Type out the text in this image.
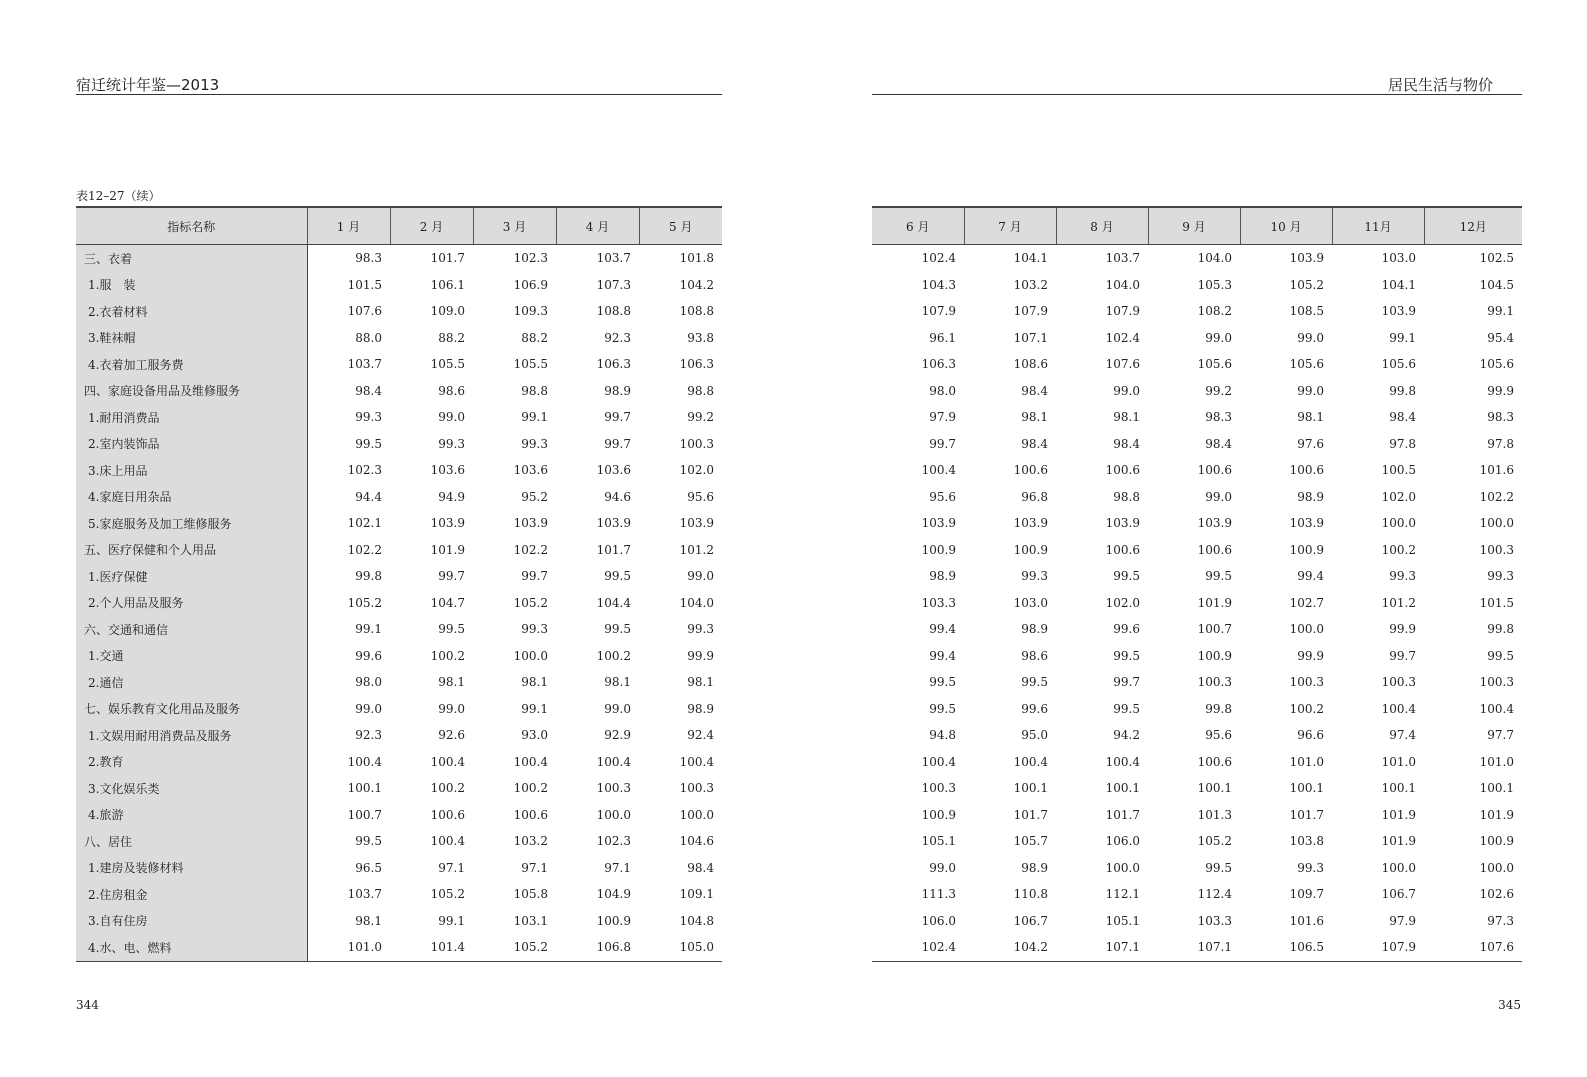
宿迁统计年鉴—2013	居民生活与物价
表12–27（续）
指标名称	1 月	2 月	3 月	4 月	5 月
三、衣着	98.3	101.7	102.3	103.7	101.8
1.服　装	101.5	106.1	106.9	107.3	104.2
2.衣着材料	107.6	109.0	109.3	108.8	108.8
3.鞋袜帽	88.0	88.2	88.2	92.3	93.8
4.衣着加工服务费	103.7	105.5	105.5	106.3	106.3
四、家庭设备用品及维修服务	98.4	98.6	98.8	98.9	98.8
1.耐用消费品	99.3	99.0	99.1	99.7	99.2
2.室内装饰品	99.5	99.3	99.3	99.7	100.3
3.床上用品	102.3	103.6	103.6	103.6	102.0
4.家庭日用杂品	94.4	94.9	95.2	94.6	95.6
5.家庭服务及加工维修服务	102.1	103.9	103.9	103.9	103.9
五、医疗保健和个人用品	102.2	101.9	102.2	101.7	101.2
1.医疗保健	99.8	99.7	99.7	99.5	99.0
2.个人用品及服务	105.2	104.7	105.2	104.4	104.0
六、交通和通信	99.1	99.5	99.3	99.5	99.3
1.交通	99.6	100.2	100.0	100.2	99.9
2.通信	98.0	98.1	98.1	98.1	98.1
七、娱乐教育文化用品及服务	99.0	99.0	99.1	99.0	98.9
1.文娱用耐用消费品及服务	92.3	92.6	93.0	92.9	92.4
2.教育	100.4	100.4	100.4	100.4	100.4
3.文化娱乐类	100.1	100.2	100.2	100.3	100.3
4.旅游	100.7	100.6	100.6	100.0	100.0
八、居住	99.5	100.4	103.2	102.3	104.6
1.建房及装修材料	96.5	97.1	97.1	97.1	98.4
2.住房租金	103.7	105.2	105.8	104.9	109.1
3.自有住房	98.1	99.1	103.1	100.9	104.8
4.水、电、燃料	101.0	101.4	105.2	106.8	105.0
6 月	7 月	8 月	9 月	10 月	11月	12月
102.4	104.1	103.7	104.0	103.9	103.0	102.5
104.3	103.2	104.0	105.3	105.2	104.1	104.5
107.9	107.9	107.9	108.2	108.5	103.9	99.1
96.1	107.1	102.4	99.0	99.0	99.1	95.4
106.3	108.6	107.6	105.6	105.6	105.6	105.6
98.0	98.4	99.0	99.2	99.0	99.8	99.9
97.9	98.1	98.1	98.3	98.1	98.4	98.3
99.7	98.4	98.4	98.4	97.6	97.8	97.8
100.4	100.6	100.6	100.6	100.6	100.5	101.6
95.6	96.8	98.8	99.0	98.9	102.0	102.2
103.9	103.9	103.9	103.9	103.9	100.0	100.0
100.9	100.9	100.6	100.6	100.9	100.2	100.3
98.9	99.3	99.5	99.5	99.4	99.3	99.3
103.3	103.0	102.0	101.9	102.7	101.2	101.5
99.4	98.9	99.6	100.7	100.0	99.9	99.8
99.4	98.6	99.5	100.9	99.9	99.7	99.5
99.5	99.5	99.7	100.3	100.3	100.3	100.3
99.5	99.6	99.5	99.8	100.2	100.4	100.4
94.8	95.0	94.2	95.6	96.6	97.4	97.7
100.4	100.4	100.4	100.6	101.0	101.0	101.0
100.3	100.1	100.1	100.1	100.1	100.1	100.1
100.9	101.7	101.7	101.3	101.7	101.9	101.9
105.1	105.7	106.0	105.2	103.8	101.9	100.9
99.0	98.9	100.0	99.5	99.3	100.0	100.0
111.3	110.8	112.1	112.4	109.7	106.7	102.6
106.0	106.7	105.1	103.3	101.6	97.9	97.3
102.4	104.2	107.1	107.1	106.5	107.9	107.6
344	345
